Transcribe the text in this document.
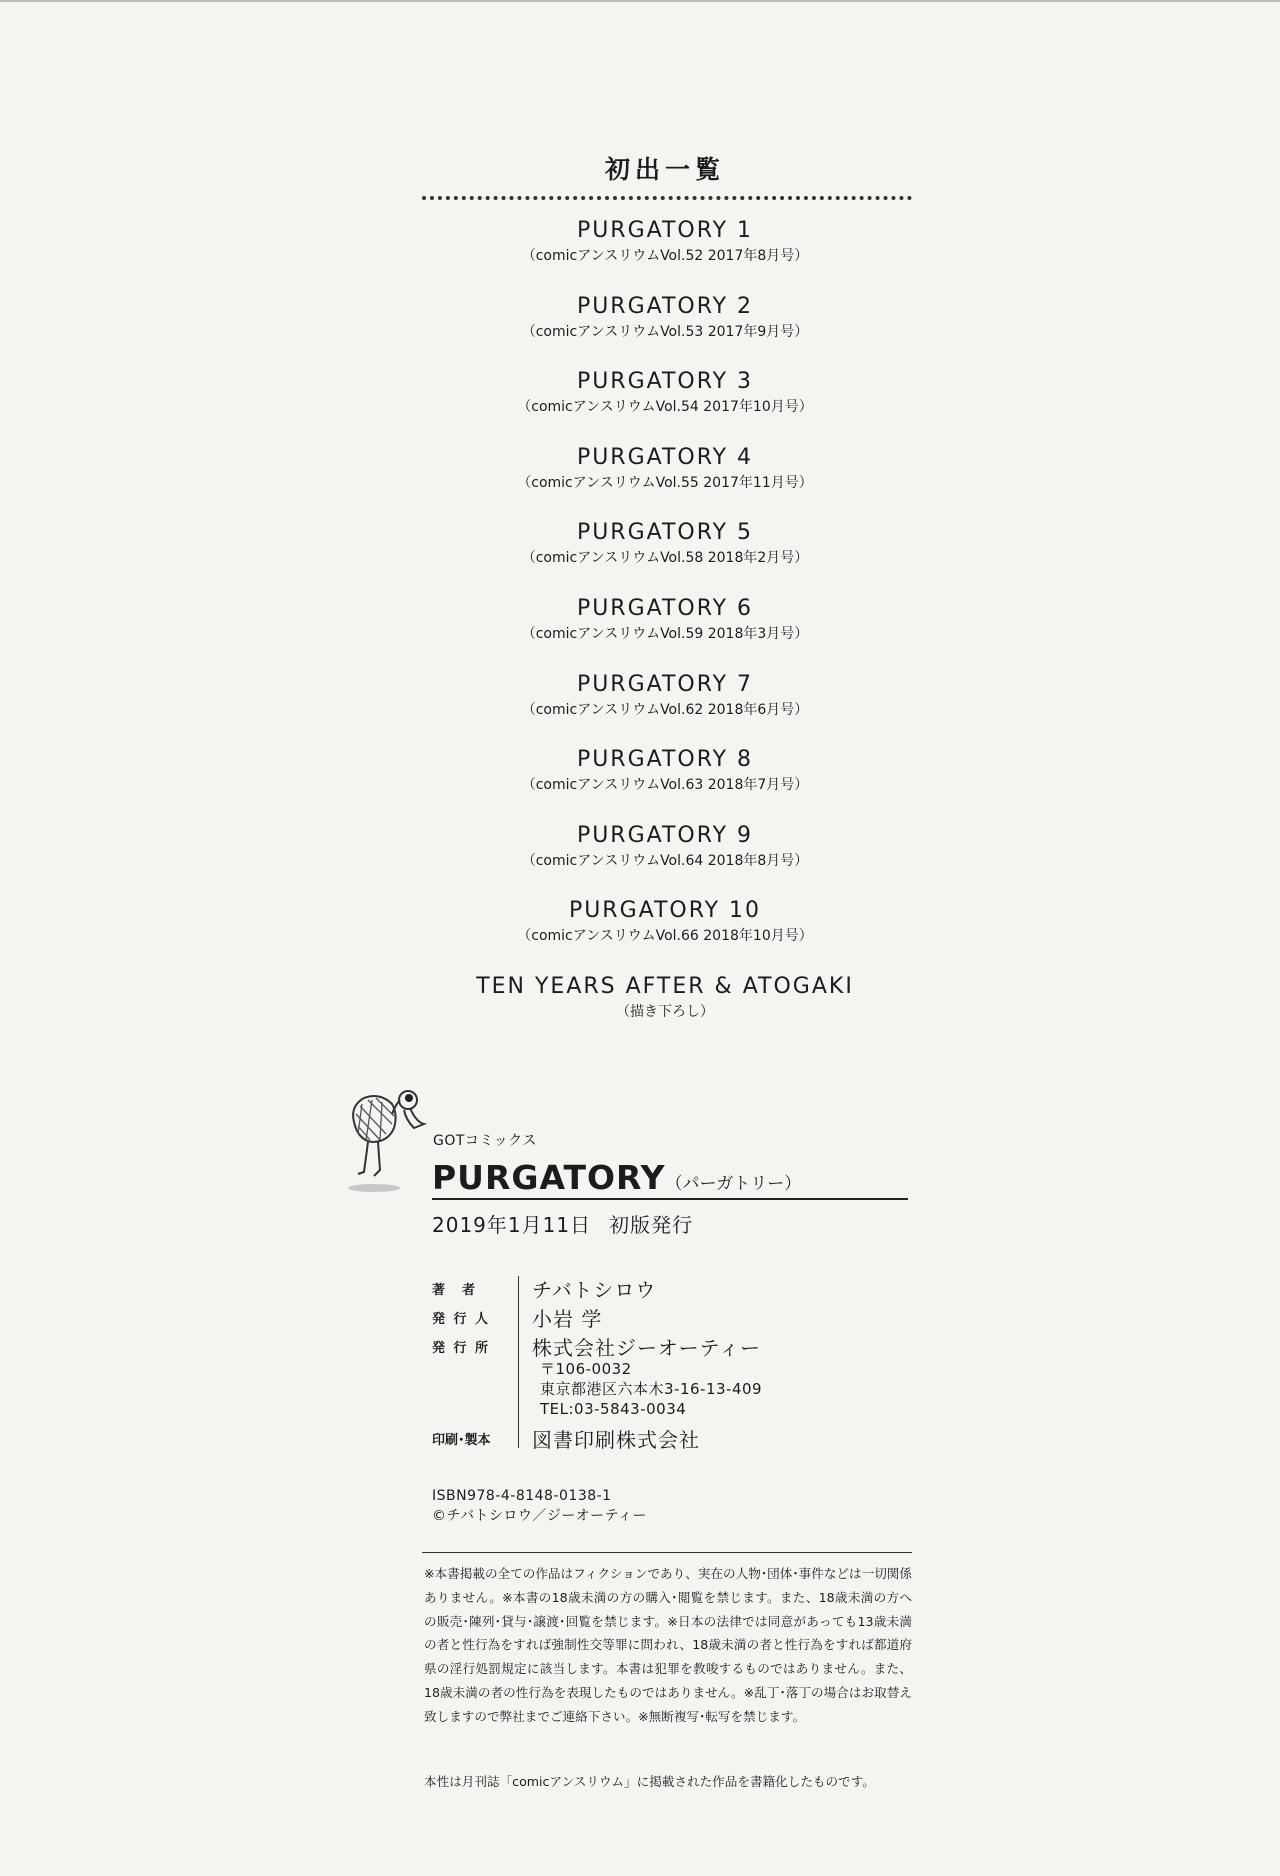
初出一覧
PURGATORY 1
（comicアンスリウムVol.52 2017年8月号）
PURGATORY 2
（comicアンスリウムVol.53 2017年9月号）
PURGATORY 3
（comicアンスリウムVol.54 2017年10月号）
PURGATORY 4
（comicアンスリウムVol.55 2017年11月号）
PURGATORY 5
（comicアンスリウムVol.58 2018年2月号）
PURGATORY 6
（comicアンスリウムVol.59 2018年3月号）
PURGATORY 7
（comicアンスリウムVol.62 2018年6月号）
PURGATORY 8
（comicアンスリウムVol.63 2018年7月号）
PURGATORY 9
（comicアンスリウムVol.64 2018年8月号）
PURGATORY 10
（comicアンスリウムVol.66 2018年10月号）
TEN YEARS AFTER & ATOGAKI
（描き下ろし）
GOTコミックス
PURGATORY（パーガトリー）
2019年1月11日 初版発行
著　者	チバトシロウ
発 行 人	小岩 学
発 行 所	株式会社ジーオーティー
〒106-0032
東京都港区六本木3-16-13-409
TEL:03-5843-0034
印刷･製本	図書印刷株式会社
ISBN978-4-8148-0138-1
©チバトシロウ／ジーオーティー
※本書掲載の全ての作品はフィクションであり、実在の人物･団体･事件などは一切関係ありません。※本書の18歳未満の方の購入･閲覧を禁じます。また、18歳未満の方への販売･陳列･貸与･譲渡･回覧を禁じます。※日本の法律では同意があっても13歳未満の者と性行為をすれば強制性交等罪に問われ、18歳未満の者と性行為をすれば都道府県の淫行処罰規定に該当します。本書は犯罪を教唆するものではありません。また、18歳未満の者の性行為を表現したものではありません。※乱丁･落丁の場合はお取替え致しますので弊社までご連絡下さい。※無断複写･転写を禁じます。
本性は月刊誌「comicアンスリウム」に掲載された作品を書籍化したものです。
